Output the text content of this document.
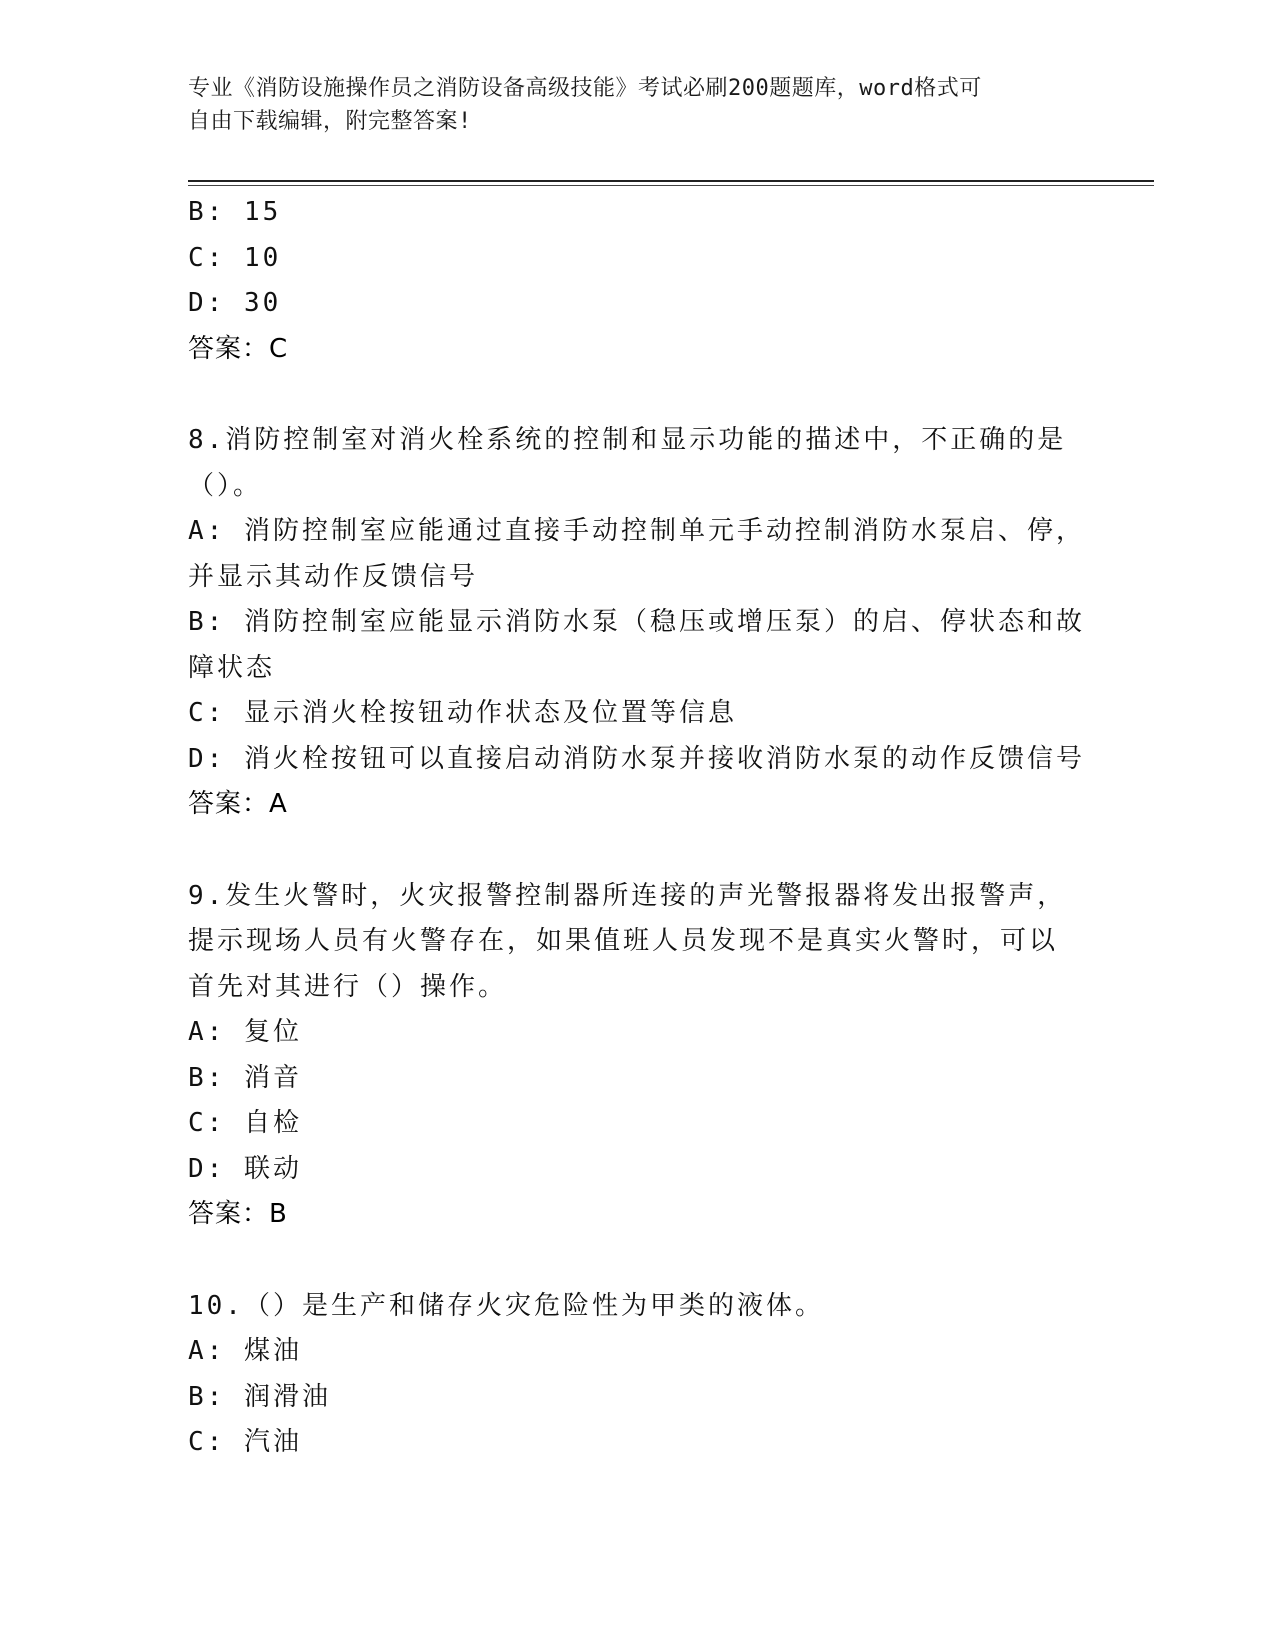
专业《消防设施操作员之消防设备高级技能》考试必刷200题题库，word格式可
自由下载编辑，附完整答案!
B: 15
C: 10
D: 30
答案：C
8.消防控制室对消火栓系统的控制和显示功能的描述中，不正确的是
（）。
A: 消防控制室应能通过直接手动控制单元手动控制消防水泵启、停，
并显示其动作反馈信号
B: 消防控制室应能显示消防水泵（稳压或增压泵）的启、停状态和故
障状态
C: 显示消火栓按钮动作状态及位置等信息
D: 消火栓按钮可以直接启动消防水泵并接收消防水泵的动作反馈信号
答案：A
9.发生火警时，火灾报警控制器所连接的声光警报器将发出报警声，
提示现场人员有火警存在，如果值班人员发现不是真实火警时，可以
首先对其进行（）操作。
A: 复位
B: 消音
C: 自检
D: 联动
答案：B
10.（）是生产和储存火灾危险性为甲类的液体。
A: 煤油
B: 润滑油
C: 汽油
